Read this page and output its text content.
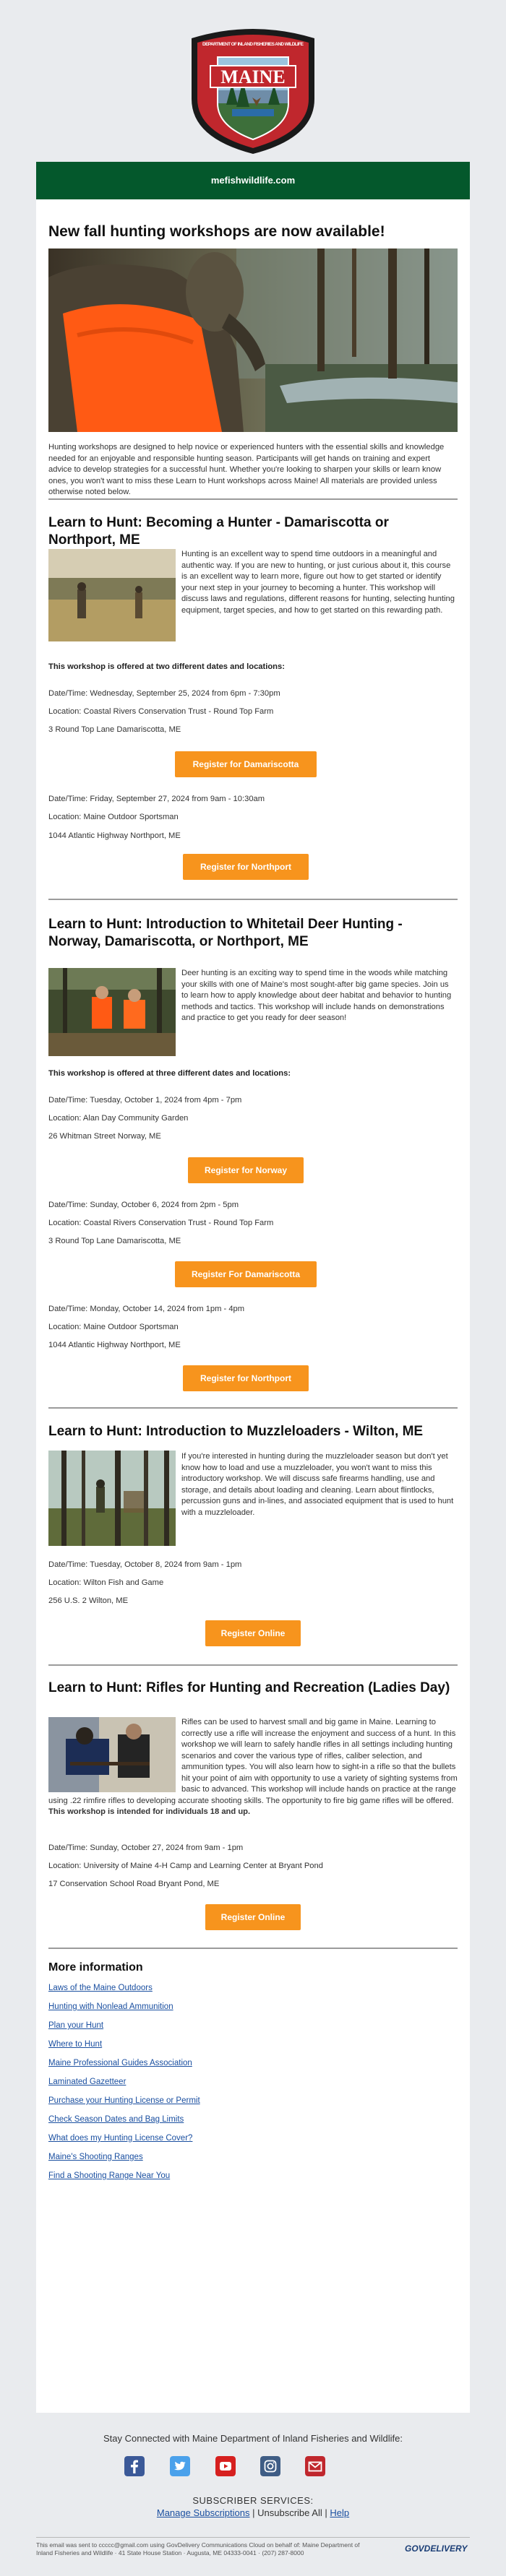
MAINE
DEPARTMENT OF INLAND FISHERIES AND WILDLIFE
mefishwildlife.com
New fall hunting workshops are now available!
Hunting workshops are designed to help novice or experienced hunters with the essential skills and knowledge needed for an enjoyable and responsible hunting season. Participants will get hands on training and expert advice to develop strategies for a successful hunt. Whether you're looking to sharpen your skills or learn know ones, you won't want to miss these Learn to Hunt workshops across Maine! All materials are provided unless otherwise noted below.
Learn to Hunt: Becoming a Hunter - Damariscotta or Northport, ME
Hunting is an excellent way to spend time outdoors in a meaningful and authentic way. If you are new to hunting, or just curious about it, this course is an excellent way to learn more, figure out how to get started or identify your next step in your journey to becoming a hunter. This workshop will discuss laws and regulations, different reasons for hunting, selecting hunting equipment, target species, and how to get started on this rewarding path.
This workshop is offered at two different dates and locations:
Date/Time: Wednesday, September 25, 2024 from 6pm - 7:30pm
Location: Coastal Rivers Conservation Trust - Round Top Farm
3 Round Top Lane Damariscotta, ME
Register for Damariscotta
Date/Time: Friday, September 27, 2024 from 9am - 10:30am
Location: Maine Outdoor Sportsman
1044 Atlantic Highway Northport, ME
Register for Northport
Learn to Hunt: Introduction to Whitetail Deer Hunting - Norway, Damariscotta, or Northport, ME
Deer hunting is an exciting way to spend time in the woods while matching your skills with one of Maine's most sought-after big game species. Join us to learn how to apply knowledge about deer habitat and behavior to hunting methods and tactics. This workshop will include hands on demonstrations and practice to get you ready for deer season!
This workshop is offered at three different dates and locations:
Date/Time: Tuesday, October 1, 2024 from 4pm - 7pm
Location: Alan Day Community Garden
26 Whitman Street Norway, ME
Register for Norway
Date/Time: Sunday, October 6, 2024 from 2pm - 5pm
Location: Coastal Rivers Conservation Trust - Round Top Farm
3 Round Top Lane Damariscotta, ME
Register For Damariscotta
Date/Time: Monday, October 14, 2024 from 1pm - 4pm
Location: Maine Outdoor Sportsman
1044 Atlantic Highway Northport, ME
Register for Northport
Learn to Hunt: Introduction to Muzzleloaders - Wilton, ME
If you're interested in hunting during the muzzleloader season but don't yet know how to load and use a muzzleloader, you won't want to miss this introductory workshop. We will discuss safe firearms handling, use and storage, and details about loading and cleaning. Learn about flintlocks, percussion guns and in-lines, and associated equipment that is used to hunt with a muzzleloader.
Date/Time: Tuesday, October 8, 2024 from 9am - 1pm
Location: Wilton Fish and Game
256 U.S. 2 Wilton, ME
Register Online
Learn to Hunt: Rifles for Hunting and Recreation (Ladies Day)
Rifles can be used to harvest small and big game in Maine. Learning to correctly use a rifle will increase the enjoyment and success of a hunt. In this workshop we will learn to safely handle rifles in all settings including hunting scenarios and cover the various type of rifles, caliber selection, and ammunition types. You will also learn how to sight-in a rifle so that the bullets hit your point of aim with opportunity to use a variety of sighting systems from basic to advanced. This workshop will include hands on practice at the range using .22 rimfire rifles to developing accurate shooting skills. The opportunity to fire big game rifles will be offered. This workshop is intended for individuals 18 and up.
Date/Time: Sunday, October 27, 2024 from 9am - 1pm
Location: University of Maine 4-H Camp and Learning Center at Bryant Pond
17 Conservation School Road Bryant Pond, ME
Register Online
More information
Laws of the Maine Outdoors
Hunting with Nonlead Ammunition
Plan your Hunt
Where to Hunt
Maine Professional Guides Association
Laminated Gazetteer
Purchase your Hunting License or Permit
Check Season Dates and Bag Limits
What does my Hunting License Cover?
Maine's Shooting Ranges
Find a Shooting Range Near You
Stay Connected with Maine Department of Inland Fisheries and Wildlife:
SUBSCRIBER SERVICES:
Manage Subscriptions | Unsubscribe All | Help
This email was sent to ccccc@gmail.com using GovDelivery Communications Cloud on behalf of: Maine Department of Inland Fisheries and Wildlife · 41 State House Station · Augusta, ME 04333-0041 · (207) 287-8000	GOVDELIVERY
